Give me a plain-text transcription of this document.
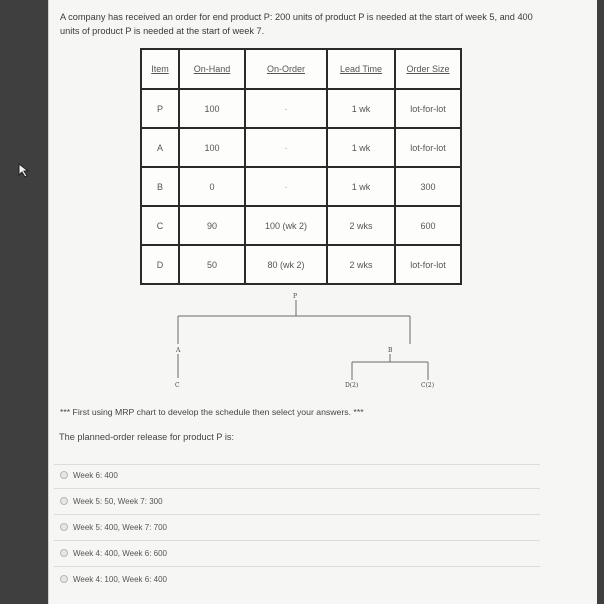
A company has received an order for end product P: 200 units of product P is needed at the start of week 5, and 400 units of product P is needed at the start of week 7.
Item	On-Hand	On-Order	Lead Time	Order Size
P	100	-	1 wk	lot-for-lot
A	100	-	1 wk	lot-for-lot
B	0	-	1 wk	300
C	90	100 (wk 2)	2 wks	600
D	50	80 (wk 2)	2 wks	lot-for-lot
P
A	B
C	D(2)	C(2)
*** First using MRP chart to develop the schedule then select your answers. ***
The planned-order release for product P is:
Week 6: 400
Week 5: 50, Week 7: 300
Week 5: 400, Week 7: 700
Week 4: 400, Week 6: 600
Week 4: 100, Week 6: 400
